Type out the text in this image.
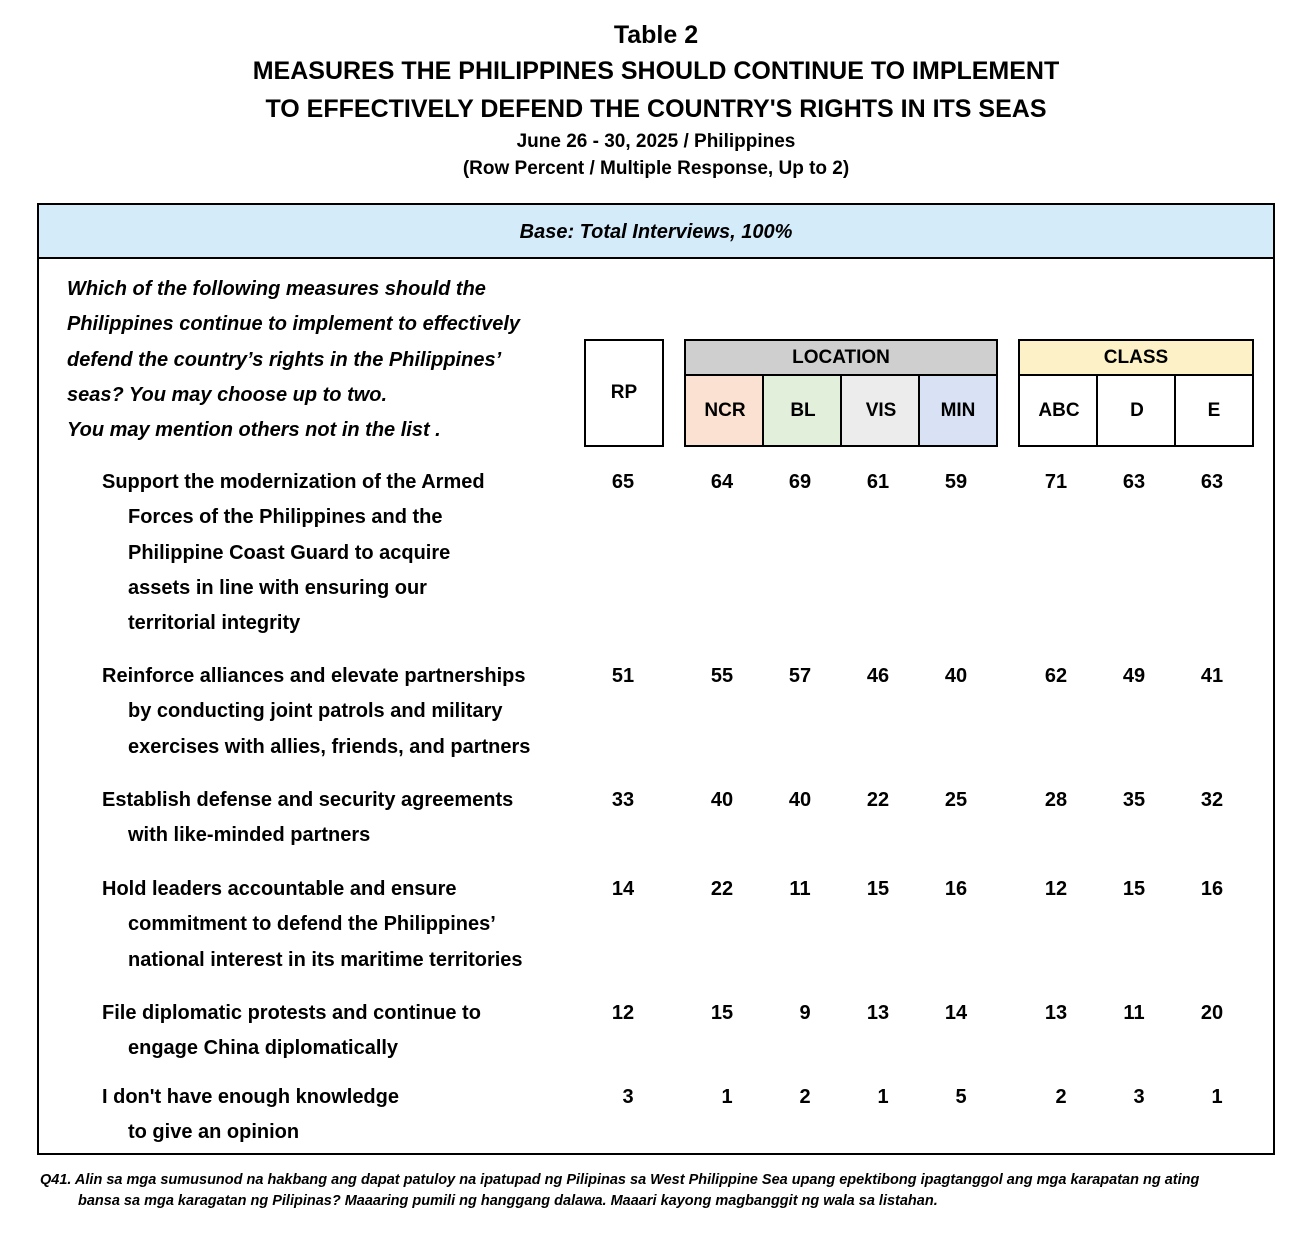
Table 2
MEASURES THE PHILIPPINES SHOULD CONTINUE TO IMPLEMENT
TO EFFECTIVELY DEFEND THE COUNTRY'S RIGHTS IN ITS SEAS
June 26 - 30, 2025 / Philippines
(Row Percent / Multiple Response, Up to 2)
Base: Total Interviews, 100%
Which of the following measures should the
Philippines continue to implement to effectively
defend the country’s rights in the Philippines’
seas? You may choose up to two.
You may mention others not in the list .
RP
LOCATION
NCR	BL	VIS	MIN
CLASS
ABC	D	E
Support the modernization of the Armed
Forces of the Philippines and the
Philippine Coast Guard to acquire
assets in line with ensuring our
territorial integrity
65	64	69	61	59	71	63	63
Reinforce alliances and elevate partnerships
by conducting joint patrols and military
exercises with allies, friends, and partners
51	55	57	46	40	62	49	41
Establish defense and security agreements
with like-minded partners
33	40	40	22	25	28	35	32
Hold leaders accountable and ensure
commitment to defend the Philippines’
national interest in its maritime territories
14	22	11	15	16	12	15	16
File diplomatic protests and continue to
engage China diplomatically
12	15	9	13	14	13	11	20
I don't have enough knowledge
to give an opinion
3	1	2	1	5	2	3	1
Q41. Alin sa mga sumusunod na hakbang ang dapat patuloy na ipatupad ng Pilipinas sa West Philippine Sea upang epektibong ipagtanggol ang mga karapatan ng ating
bansa sa mga karagatan ng Pilipinas? Maaaring pumili ng hanggang dalawa. Maaari kayong magbanggit ng wala sa listahan.
